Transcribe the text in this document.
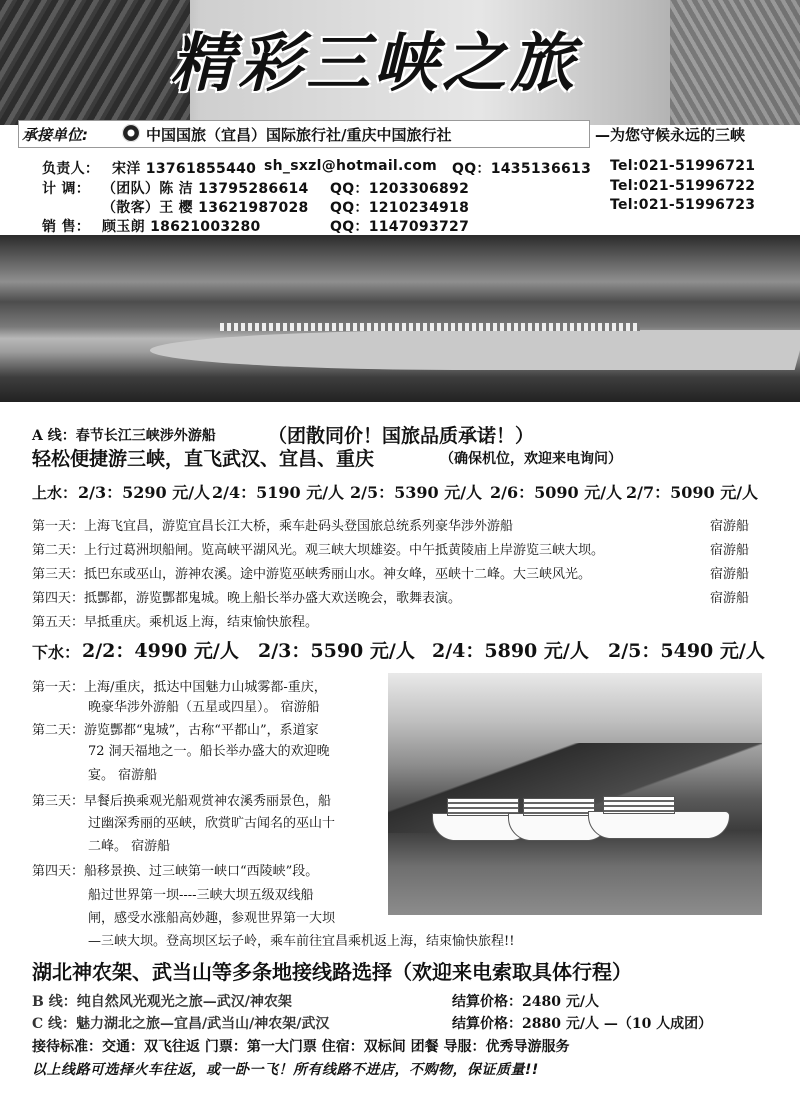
精彩三峡之旅
承接单位:	中国国旅（宜昌）国际旅行社/重庆中国旅行社	—为您守候永远的三峡
负责人： 宋洋 13761855440 sh_sxzl@hotmail.com QQ：1435136613 Tel:021-51996721
计 调： （团队）陈 洁 13795286614 QQ：1203306892	Tel:021-51996722
（散客）王 樱 13621987028 QQ：1210234918	Tel:021-51996723
销 售： 顾玉朗 18621003280	QQ：1147093727
A 线：春节长江三峡涉外游船	（团散同价！国旅品质承诺！）
轻松便捷游三峡，直飞武汉、宜昌、重庆	（确保机位，欢迎来电询问）
上水： 2/3：5290 元/人 2/4：5190 元/人 2/5：5390 元/人 2/6：5090 元/人 2/7：5090 元/人
第一天：上海飞宜昌，游览宜昌长江大桥，乘车赴码头登国旅总统系列豪华涉外游船	宿游船
第二天：上行过葛洲坝船闸。览高峡平湖风光。观三峡大坝雄姿。中午抵黄陵庙上岸游览三峡大坝。	宿游船
第三天：抵巴东或巫山，游神农溪。途中游览巫峡秀丽山水。神女峰，巫峡十二峰。大三峡风光。	宿游船
第四天：抵酆都，游览酆都鬼城。晚上船长举办盛大欢送晚会，歌舞表演。	宿游船
第五天：早抵重庆。乘机返上海，结束愉快旅程。
下水： 2/2：4990 元/人 2/3：5590 元/人 2/4：5890 元/人 2/5：5490 元/人
第一天：上海/重庆，抵达中国魅力山城雾都-重庆，
晚豪华涉外游船（五星或四星）。 宿游船
第二天：游览酆都“鬼城”，古称“平都山”，系道家
72 洞天福地之一。船长举办盛大的欢迎晚
宴。 宿游船
第三天：早餐后换乘观光船观赏神农溪秀丽景色，船
过幽深秀丽的巫峡，欣赏旷古闻名的巫山十
二峰。 宿游船
第四天：船移景换、过三峡第一峡口“西陵峡”段。
船过世界第一坝----三峡大坝五级双线船
闸，感受水涨船高妙趣，参观世界第一大坝
—三峡大坝。登高坝区坛子岭，乘车前往宜昌乘机返上海，结束愉快旅程!!
湖北神农架、武当山等多条地接线路选择（欢迎来电索取具体行程）
B 线：纯自然风光观光之旅—武汉/神农架	结算价格：2480 元/人
C 线：魅力湖北之旅—宜昌/武当山/神农架/武汉	结算价格：2880 元/人 —（10 人成团）
接待标准：交通：双飞往返 门票：第一大门票 住宿：双标间 团餐 导服：优秀导游服务
以上线路可选择火车往返，或一卧一飞！所有线路不进店，不购物，保证质量!!
